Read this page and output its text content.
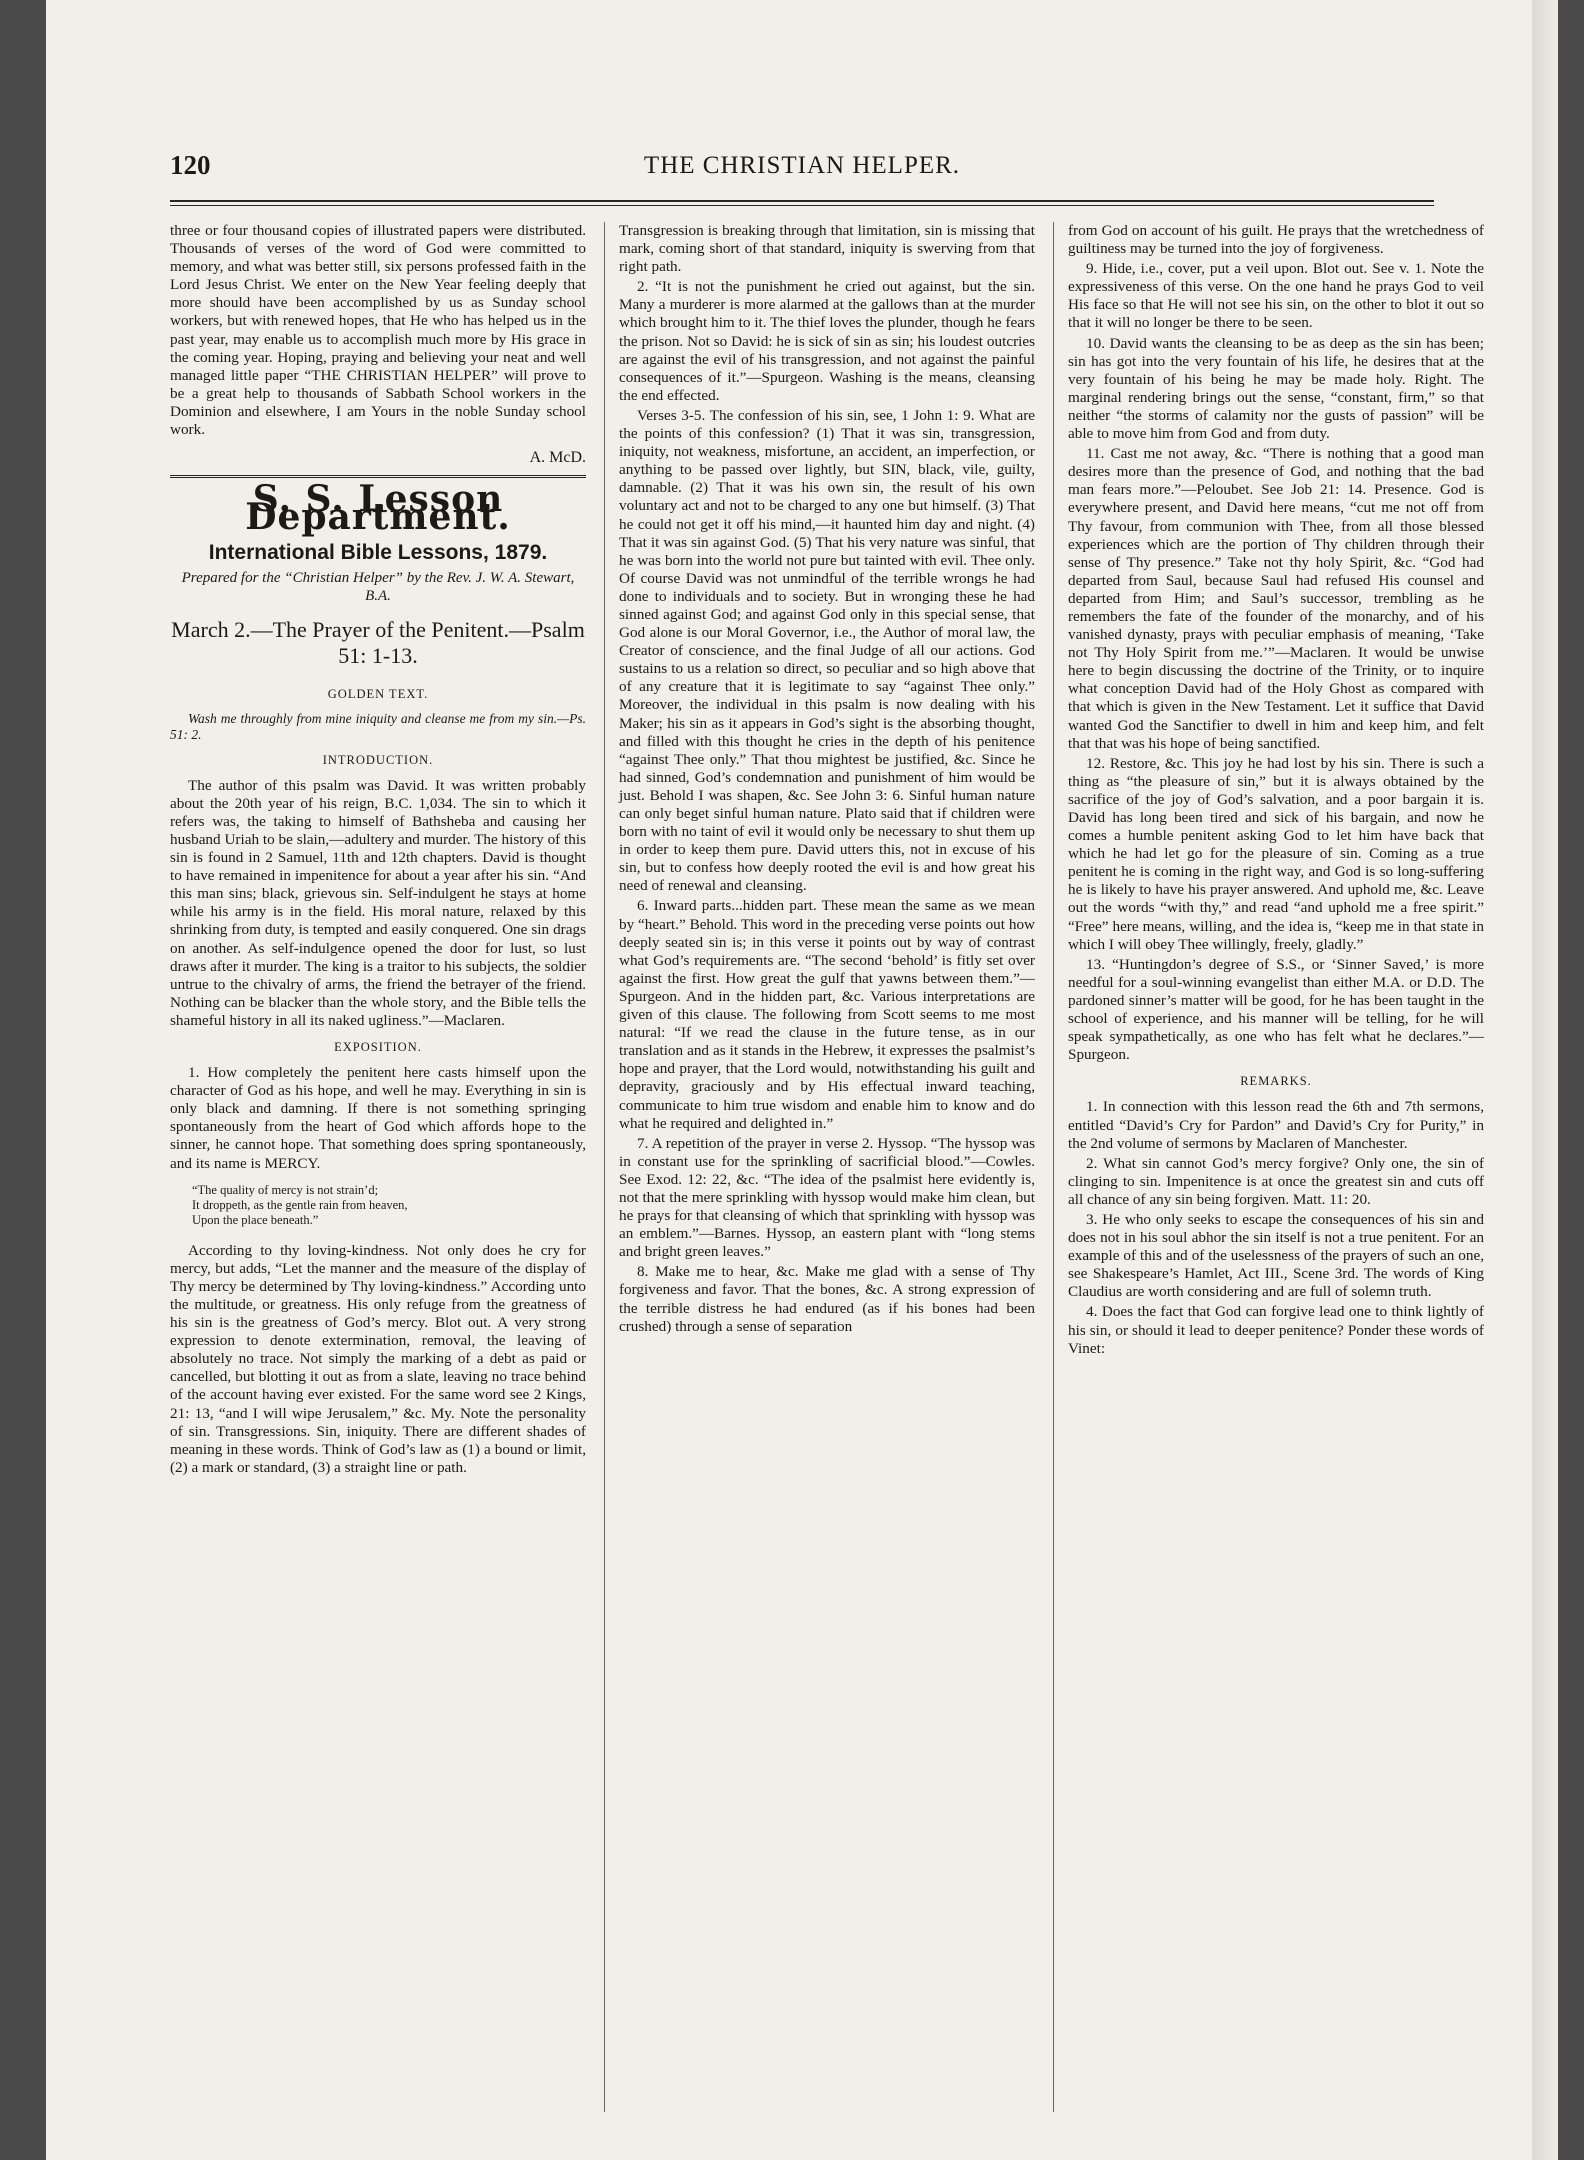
120	THE CHRISTIAN HELPER.

three or four thousand copies of illustrated papers were distributed. Thousands of verses of the word of God were committed to memory, and what was better still, six persons professed faith in the Lord Jesus Christ. We enter on the New Year feeling deeply that more should have been accomplished by us as Sunday school workers, but with renewed hopes, that He who has helped us in the past year, may enable us to accomplish much more by His grace in the coming year. Hoping, praying and believing your neat and well managed little paper “THE CHRISTIAN HELPER” will prove to be a great help to thousands of Sabbath School workers in the Dominion and elsewhere, I am Yours in the noble Sunday school work.

A. McD.
S. S. Lesson Department.
International Bible Lessons, 1879.
Prepared for the “Christian Helper” by the Rev. J. W. A. Stewart, B.A.
March 2.—The Prayer of the Penitent.—Psalm 51: 1-13.
GOLDEN TEXT.
Wash me throughly from mine iniquity and cleanse me from my sin.—Ps. 51: 2.
INTRODUCTION.

The author of this psalm was David. It was written probably about the 20th year of his reign, B.C. 1,034. The sin to which it refers was, the taking to himself of Bathsheba and causing her husband Uriah to be slain,—adultery and murder. The history of this sin is found in 2 Samuel, 11th and 12th chapters. David is thought to have remained in impenitence for about a year after his sin. “And this man sins; black, grievous sin. Self-indulgent he stays at home while his army is in the field. His moral nature, relaxed by this shrinking from duty, is tempted and easily conquered. One sin drags on another. As self-indulgence opened the door for lust, so lust draws after it murder. The king is a traitor to his subjects, the soldier untrue to the chivalry of arms, the friend the betrayer of the friend. Nothing can be blacker than the whole story, and the Bible tells the shameful history in all its naked ugliness.”—Maclaren.

EXPOSITION.

1. How completely the penitent here casts himself upon the character of God as his hope, and well he may. Everything in sin is only black and damning. If there is not something springing spontaneously from the heart of God which affords hope to the sinner, he cannot hope. That something does spring spontaneously, and its name is MERCY.

“The quality of mercy is not strain’d;
It droppeth, as the gentle rain from heaven,
Upon the place beneath.”

According to thy loving-kindness. Not only does he cry for mercy, but adds, “Let the manner and the measure of the display of Thy mercy be determined by Thy loving-kindness.” According unto the multitude, or greatness. His only refuge from the greatness of his sin is the greatness of God’s mercy. Blot out. A very strong expression to denote extermination, removal, the leaving of absolutely no trace. Not simply the marking of a debt as paid or cancelled, but blotting it out as from a slate, leaving no trace behind of the account having ever existed. For the same word see 2 Kings, 21: 13, “and I will wipe Jerusalem,” &c. My. Note the personality of sin. Transgressions. Sin, iniquity. There are different shades of meaning in these words. Think of God’s law as (1) a bound or limit, (2) a mark or standard, (3) a straight line or path.

Transgression is breaking through that limitation, sin is missing that mark, coming short of that standard, iniquity is swerving from that right path.

2. “It is not the punishment he cried out against, but the sin. Many a murderer is more alarmed at the gallows than at the murder which brought him to it. The thief loves the plunder, though he fears the prison. Not so David: he is sick of sin as sin; his loudest outcries are against the evil of his transgression, and not against the painful consequences of it.”—Spurgeon. Washing is the means, cleansing the end effected.

Verses 3-5. The confession of his sin, see, 1 John 1: 9. What are the points of this confession? (1) That it was sin, transgression, iniquity, not weakness, misfortune, an accident, an imperfection, or anything to be passed over lightly, but SIN, black, vile, guilty, damnable. (2) That it was his own sin, the result of his own voluntary act and not to be charged to any one but himself. (3) That he could not get it off his mind,—it haunted him day and night. (4) That it was sin against God. (5) That his very nature was sinful, that he was born into the world not pure but tainted with evil. Thee only. Of course David was not unmindful of the terrible wrongs he had done to individuals and to society. But in wronging these he had sinned against God; and against God only in this special sense, that God alone is our Moral Governor, i.e., the Author of moral law, the Creator of conscience, and the final Judge of all our actions. God sustains to us a relation so direct, so peculiar and so high above that of any creature that it is legitimate to say “against Thee only.” Moreover, the individual in this psalm is now dealing with his Maker; his sin as it appears in God’s sight is the absorbing thought, and filled with this thought he cries in the depth of his penitence “against Thee only.” That thou mightest be justified, &c. Since he had sinned, God’s condemnation and punishment of him would be just. Behold I was shapen, &c. See John 3: 6. Sinful human nature can only beget sinful human nature. Plato said that if children were born with no taint of evil it would only be necessary to shut them up in order to keep them pure. David utters this, not in excuse of his sin, but to confess how deeply rooted the evil is and how great his need of renewal and cleansing.

6. Inward parts...hidden part. These mean the same as we mean by “heart.” Behold. This word in the preceding verse points out how deeply seated sin is; in this verse it points out by way of contrast what God’s requirements are. “The second ‘behold’ is fitly set over against the first. How great the gulf that yawns between them.”—Spurgeon. And in the hidden part, &c. Various interpretations are given of this clause. The following from Scott seems to me most natural: “If we read the clause in the future tense, as in our translation and as it stands in the Hebrew, it expresses the psalmist’s hope and prayer, that the Lord would, notwithstanding his guilt and depravity, graciously and by His effectual inward teaching, communicate to him true wisdom and enable him to know and do what he required and delighted in.”

7. A repetition of the prayer in verse 2. Hyssop. “The hyssop was in constant use for the sprinkling of sacrificial blood.”—Cowles. See Exod. 12: 22, &c. “The idea of the psalmist here evidently is, not that the mere sprinkling with hyssop would make him clean, but he prays for that cleansing of which that sprinkling with hyssop was an emblem.”—Barnes. Hyssop, an eastern plant with “long stems and bright green leaves.”

8. Make me to hear, &c. Make me glad with a sense of Thy forgiveness and favor. That the bones, &c. A strong expression of the terrible distress he had endured (as if his bones had been crushed) through a sense of separation

from God on account of his guilt. He prays that the wretchedness of guiltiness may be turned into the joy of forgiveness.

9. Hide, i.e., cover, put a veil upon. Blot out. See v. 1. Note the expressiveness of this verse. On the one hand he prays God to veil His face so that He will not see his sin, on the other to blot it out so that it will no longer be there to be seen.

10. David wants the cleansing to be as deep as the sin has been; sin has got into the very fountain of his life, he desires that at the very fountain of his being he may be made holy. Right. The marginal rendering brings out the sense, “constant, firm,” so that neither “the storms of calamity nor the gusts of passion” will be able to move him from God and from duty.

11. Cast me not away, &c. “There is nothing that a good man desires more than the presence of God, and nothing that the bad man fears more.”—Peloubet. See Job 21: 14. Presence. God is everywhere present, and David here means, “cut me not off from Thy favour, from communion with Thee, from all those blessed experiences which are the portion of Thy children through their sense of Thy presence.” Take not thy holy Spirit, &c. “God had departed from Saul, because Saul had refused His counsel and departed from Him; and Saul’s successor, trembling as he remembers the fate of the founder of the monarchy, and of his vanished dynasty, prays with peculiar emphasis of meaning, ‘Take not Thy Holy Spirit from me.’”—Maclaren. It would be unwise here to begin discussing the doctrine of the Trinity, or to inquire what conception David had of the Holy Ghost as compared with that which is given in the New Testament. Let it suffice that David wanted God the Sanctifier to dwell in him and keep him, and felt that that was his hope of being sanctified.

12. Restore, &c. This joy he had lost by his sin. There is such a thing as “the pleasure of sin,” but it is always obtained by the sacrifice of the joy of God’s salvation, and a poor bargain it is. David has long been tired and sick of his bargain, and now he comes a humble penitent asking God to let him have back that which he had let go for the pleasure of sin. Coming as a true penitent he is coming in the right way, and God is so long-suffering he is likely to have his prayer answered. And uphold me, &c. Leave out the words “with thy,” and read “and uphold me a free spirit.” “Free” here means, willing, and the idea is, “keep me in that state in which I will obey Thee willingly, freely, gladly.”

13. “Huntingdon’s degree of S.S., or ‘Sinner Saved,’ is more needful for a soul-winning evangelist than either M.A. or D.D. The pardoned sinner’s matter will be good, for he has been taught in the school of experience, and his manner will be telling, for he will speak sympathetically, as one who has felt what he declares.”—Spurgeon.

REMARKS.

1. In connection with this lesson read the 6th and 7th sermons, entitled “David’s Cry for Pardon” and David’s Cry for Purity,” in the 2nd volume of sermons by Maclaren of Manchester.

2. What sin cannot God’s mercy forgive? Only one, the sin of clinging to sin. Impenitence is at once the greatest sin and cuts off all chance of any sin being forgiven. Matt. 11: 20.

3. He who only seeks to escape the consequences of his sin and does not in his soul abhor the sin itself is not a true penitent. For an example of this and of the uselessness of the prayers of such an one, see Shakespeare’s Hamlet, Act III., Scene 3rd. The words of King Claudius are worth considering and are full of solemn truth.

4. Does the fact that God can forgive lead one to think lightly of his sin, or should it lead to deeper penitence? Ponder these words of Vinet:
